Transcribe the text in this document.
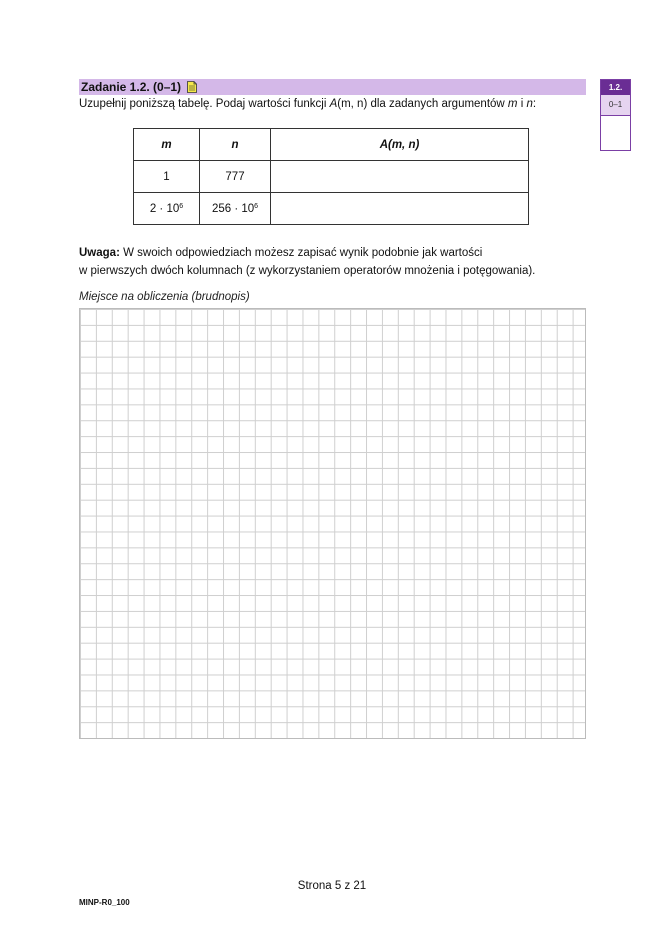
Zadanie 1.2. (0–1)
Uzupełnij poniższą tabelę. Podaj wartości funkcji A(m, n) dla zadanych argumentów m i n:
1.2.
0–1
m	n	A(m, n)
1	777	
$2 \cdot 10^6$	$256 \cdot 10^6$	
Uwaga: W swoich odpowiedziach możesz zapisać wynik podobnie jak wartości
w pierwszych dwóch kolumnach (z wykorzystaniem operatorów mnożenia i potęgowania).
Miejsce na obliczenia (brudnopis)
Strona 5 z 21
MINP-R0_100
